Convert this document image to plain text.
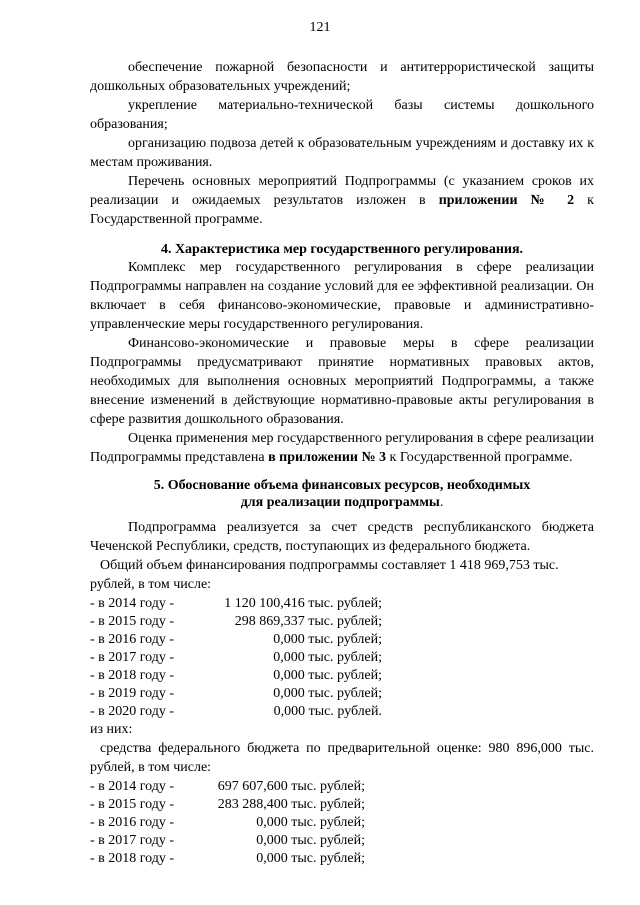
121

обеспечение пожарной безопасности и антитеррористической защиты дошкольных образовательных учреждений;

укрепление материально-технической базы системы дошкольного образования;

организацию подвоза детей к образовательным учреждениям и доставку их к местам проживания.

Перечень основных мероприятий Подпрограммы (с указанием сроков их реализации и ожидаемых результатов изложен в приложении № 2 к Государственной программе.

4. Характеристика мер государственного регулирования.

Комплекс мер государственного регулирования в сфере реализации Подпрограммы направлен на создание условий для ее эффективной реализации. Он включает в себя финансово-экономические, правовые и административно-управленческие меры государственного регулирования.

Финансово-экономические и правовые меры в сфере реализации Подпрограммы предусматривают принятие нормативных правовых актов, необходимых для выполнения основных мероприятий Подпрограммы, а также внесение изменений в действующие нормативно-правовые акты регулирования в сфере развития дошкольного образования.

Оценка применения мер государственного регулирования в сфере реализации Подпрограммы представлена в приложении № 3 к Государственной программе.

5. Обоснование объема финансовых ресурсов, необходимых
для реализации подпрограммы.

Подпрограмма реализуется за счет средств республиканского бюджета Чеченской Республики, средств, поступающих из федерального бюджета.

Общий объем финансирования подпрограммы составляет 1 418 969,753 тыс. рублей, в том числе:

- в 2014 году -	1 120 100,416 тыс. рублей;
- в 2015 году -	298 869,337 тыс. рублей;
- в 2016 году -	0,000 тыс. рублей;
- в 2017 году -	0,000 тыс. рублей;
- в 2018 году -	0,000 тыс. рублей;
- в 2019 году -	0,000 тыс. рублей;
- в 2020 году -	0,000 тыс. рублей.

из них:

средства федерального бюджета по предварительной оценке: 980 896,000 тыс. рублей, в том числе:

- в 2014 году -	697 607,600 тыс. рублей;
- в 2015 году -	283 288,400 тыс. рублей;
- в 2016 году -	0,000 тыс. рублей;
- в 2017 году -	0,000 тыс. рублей;
- в 2018 году -	0,000 тыс. рублей;
